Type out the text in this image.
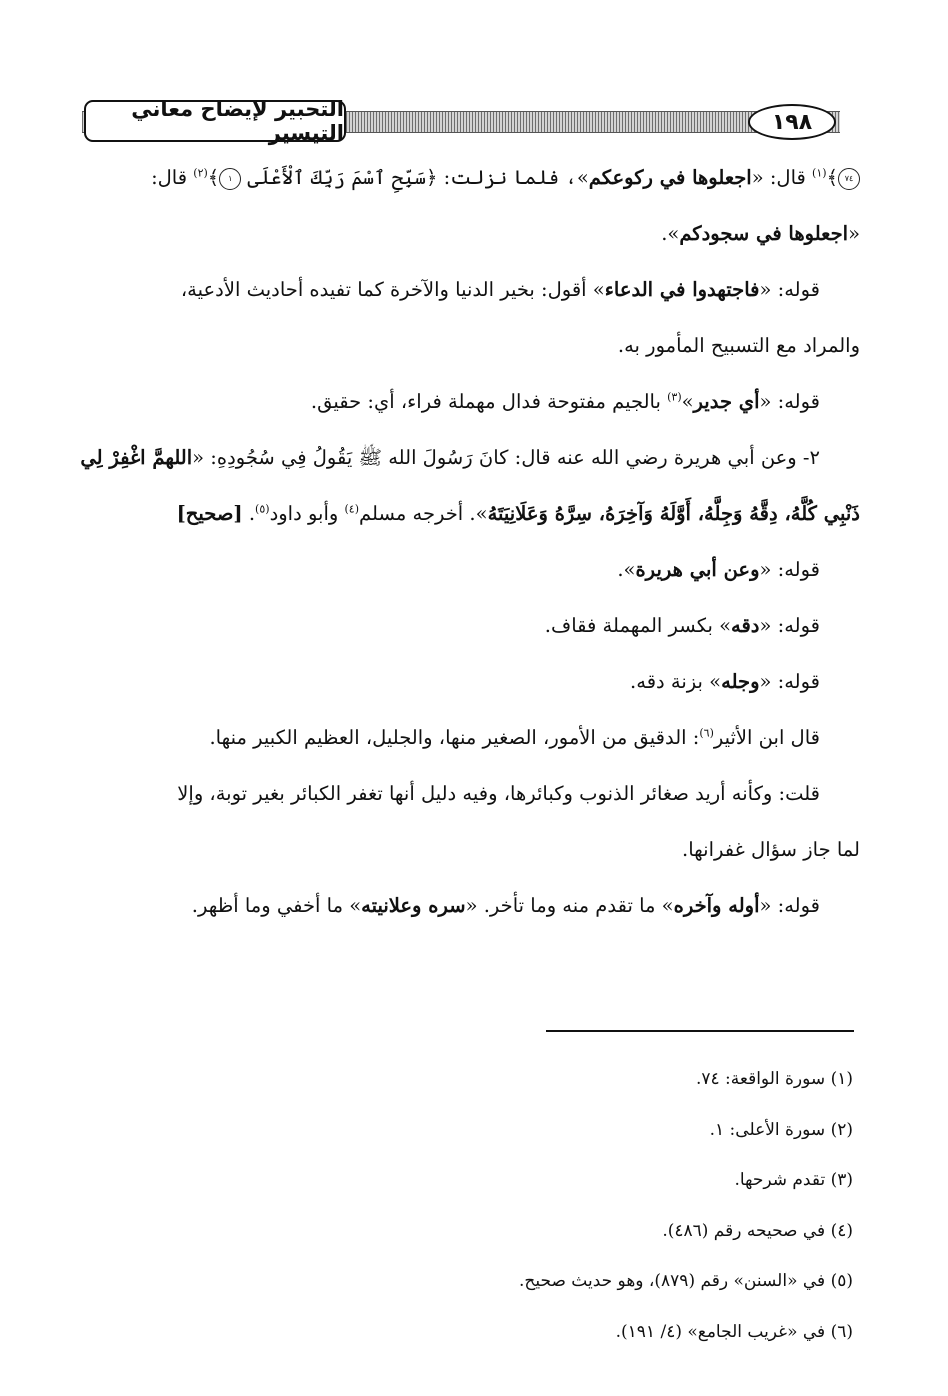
التحبير لإيضاح معاني التيسير	١٩٨
٧٤﴾$^{(١)}$ قال: «اجعلوها في ركوعكم»، فلما نزلت: ﴿سَبِّحِ ٱسْمَ رَبِّكَ ٱلْأَعْلَى ١﴾$^{(٢)}$ قال:
«اجعلوها في سجودكم».
قوله: «فاجتهدوا في الدعاء» أقول: بخير الدنيا والآخرة كما تفيده أحاديث الأدعية،
والمراد مع التسبيح المأمور به.
قوله: «أي جدير»$^{(٣)}$ بالجيم مفتوحة فدال مهملة فراء، أي: حقيق.
٢- وعن أبي هريرة رضي الله عنه قال: كانَ رَسُولَ الله ﷺ يَقُولُ فِي سُجُودِهِ: «اللهمَّ اغْفِرْ لِي
ذَنْبِي كُلَّهُ، دِقَّهُ وَجِلَّهُ، أَوَّلَهُ وَآخِرَهُ، سِرَّهُ وَعَلَانِيَتَهُ». أخرجه مسلم$^{(٤)}$ وأبو داود$^{(٥)}$. [صحيح]
قوله: «وعن أبي هريرة».
قوله: «دقه» بكسر المهملة فقاف.
قوله: «وجله» بزنة دقه.
قال ابن الأثير$^{(٦)}$: الدقيق من الأمور، الصغير منها، والجليل، العظيم الكبير منها.
قلت: وكأنه أريد صغائر الذنوب وكبائرها، وفيه دليل أنها تغفر الكبائر بغير توبة، وإلا
لما جاز سؤال غفرانها.
قوله: «أوله وآخره» ما تقدم منه وما تأخر. «سره وعلانيته» ما أخفي وما أظهر.
(١) سورة الواقعة: ٧٤.
(٢) سورة الأعلى: ١.
(٣) تقدم شرحها.
(٤) في صحيحه رقم (٤٨٦).
(٥) في «السنن» رقم (٨٧٩)، وهو حديث صحيح.
(٦) في «غريب الجامع» (٤/ ١٩١).
